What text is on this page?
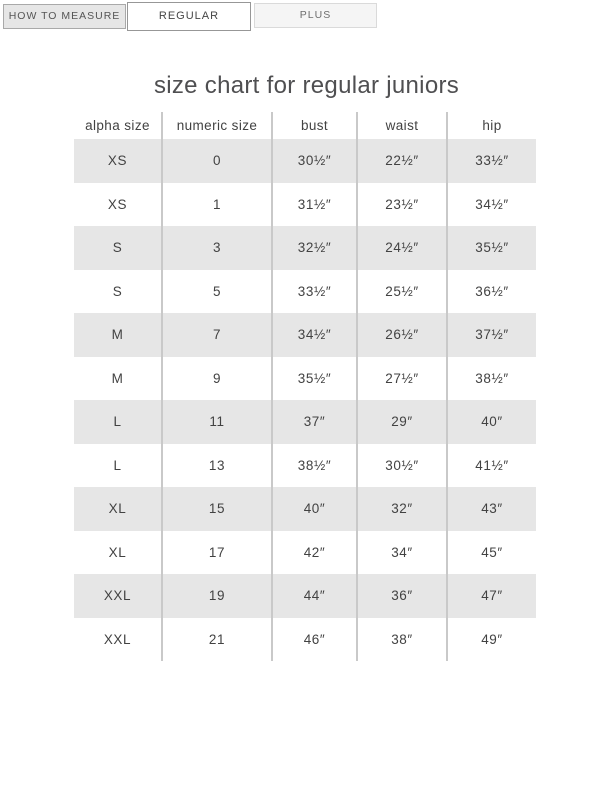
HOW TO MEASURE	REGULAR	PLUS
size chart for regular juniors
alpha size	numeric size	bust	waist	hip
XS	0	30½″	22½″	33½″
XS	1	31½″	23½″	34½″
S	3	32½″	24½″	35½″
S	5	33½″	25½″	36½″
M	7	34½″	26½″	37½″
M	9	35½″	27½″	38½″
L	11	37″	29″	40″
L	13	38½″	30½″	41½″
XL	15	40″	32″	43″
XL	17	42″	34″	45″
XXL	19	44″	36″	47″
XXL	21	46″	38″	49″
